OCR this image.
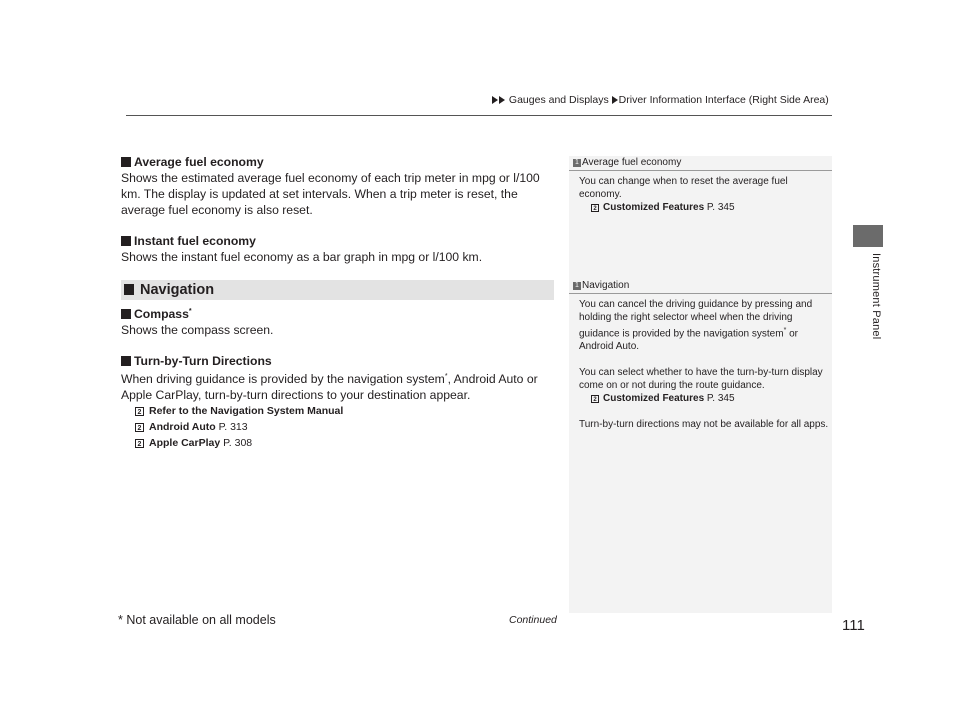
Gauges and Displays Driver Information Interface (Right Side Area)
Instrument Panel
Average fuel economy
Shows the estimated average fuel economy of each trip meter in mpg or l/100 km. The display is updated at set intervals. When a trip meter is reset, the average fuel economy is also reset.
Instant fuel economy
Shows the instant fuel economy as a bar graph in mpg or l/100 km.
Navigation
Compass*
Shows the compass screen.
Turn-by-Turn Directions
When driving guidance is provided by the navigation system*, Android Auto or Apple CarPlay, turn-by-turn directions to your destination appear.
2 Refer to the Navigation System Manual
2 Android Auto P. 313
2 Apple CarPlay P. 308
1 Average fuel economy

You can change when to reset the average fuel economy.

2 Customized Features P. 345
1 Navigation

You can cancel the driving guidance by pressing and holding the right selector wheel when the driving guidance is provided by the navigation system* or Android Auto.

You can select whether to have the turn-by-turn display come on or not during the route guidance.

2 Customized Features P. 345

Turn-by-turn directions may not be available for all apps.

* Not available on all models	Continued	111
